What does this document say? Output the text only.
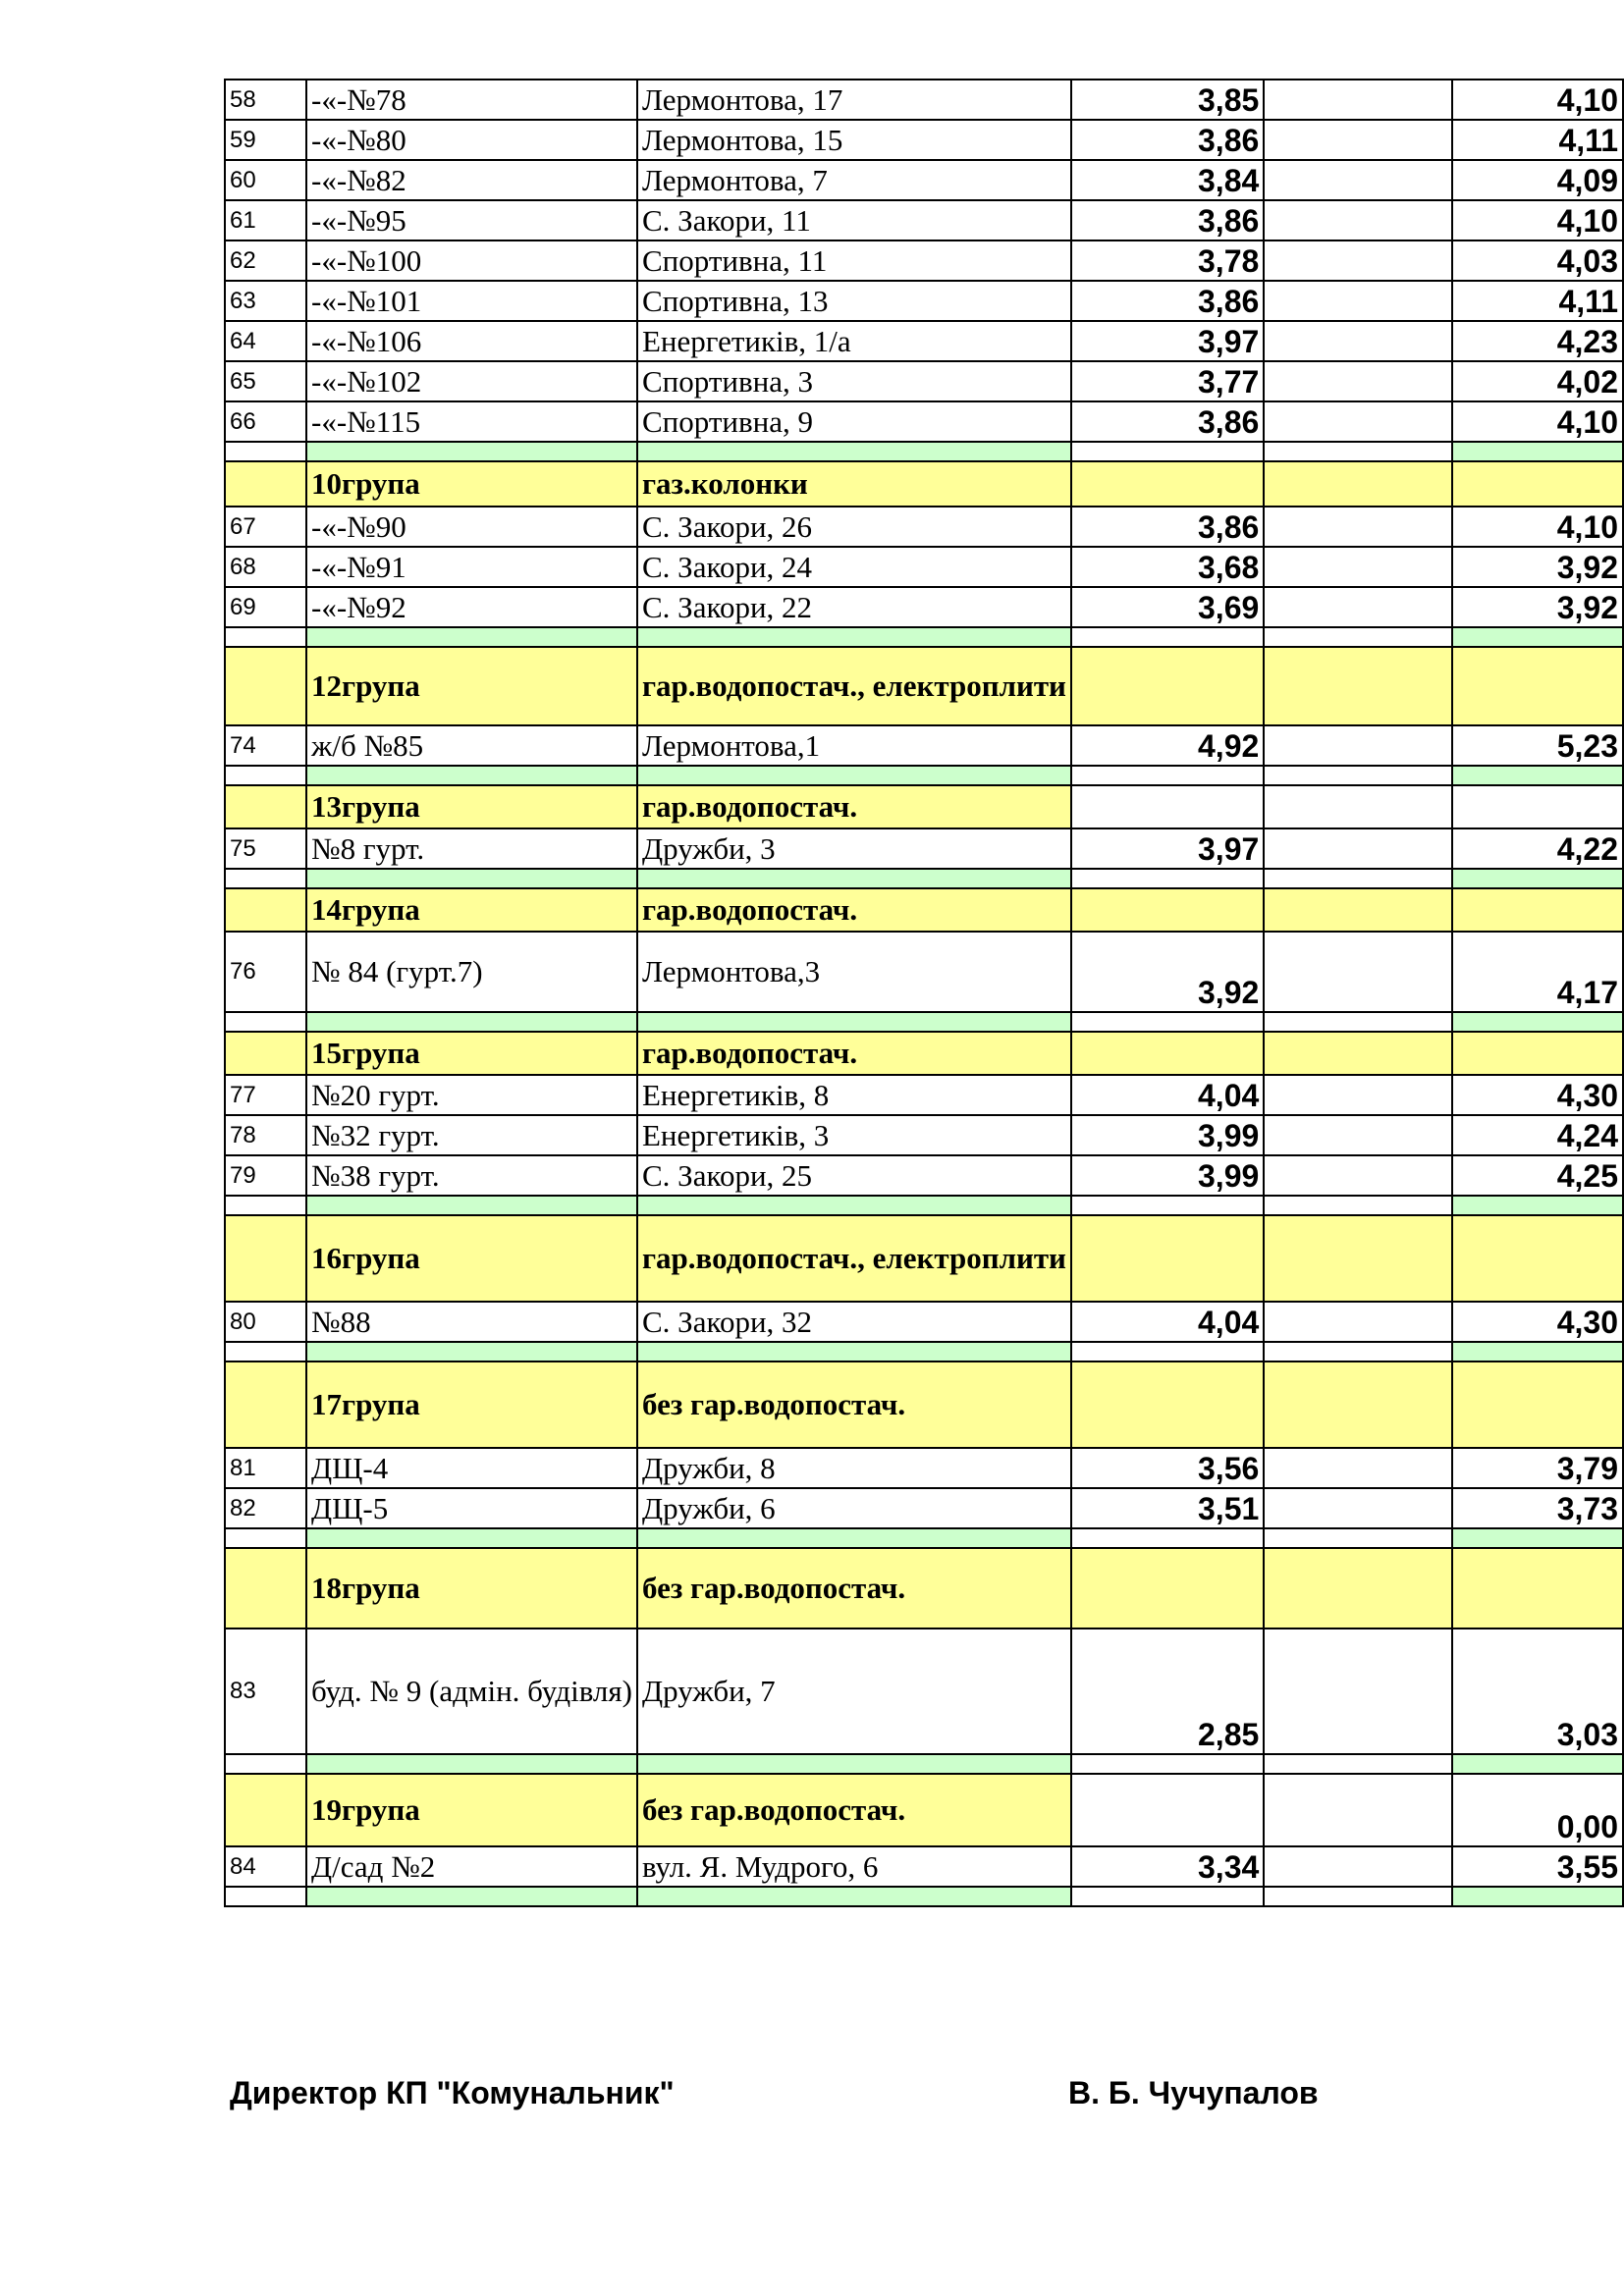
58	-«-№78	Лермонтова, 17	3,85		4,10
59	-«-№80	Лермонтова, 15	3,86		4,11
60	-«-№82	Лермонтова, 7	3,84		4,09
61	-«-№95	С. Закори, 11	3,86		4,10
62	-«-№100	Спортивна, 11	3,78		4,03
63	-«-№101	Спортивна, 13	3,86		4,11
64	-«-№106	Енергетиків, 1/а	3,97		4,23
65	-«-№102	Спортивна, 3	3,77		4,02
66	-«-№115	Спортивна, 9	3,86		4,10

	10група	газ.колонки			
67	-«-№90	С. Закори, 26	3,86		4,10
68	-«-№91	С. Закори, 24	3,68		3,92
69	-«-№92	С. Закори, 22	3,69		3,92

	12група	гар.водопостач., електроплити			
74	ж/б №85	Лермонтова,1	4,92		5,23

	13група	гар.водопостач.			
75	№8 гурт.	Дружби, 3	3,97		4,22

	14група	гар.водопостач.			
76	№ 84 (гурт.7)	Лермонтова,3	3,92		4,17

	15група	гар.водопостач.			
77	№20 гурт.	Енергетиків, 8	4,04		4,30
78	№32 гурт.	Енергетиків, 3	3,99		4,24
79	№38 гурт.	С. Закори, 25	3,99		4,25

	16група	гар.водопостач., електроплити			
80	№88	С. Закори, 32	4,04		4,30

	17група	без гар.водопостач.			
81	ДЩ-4	Дружби, 8	3,56		3,79
82	ДЩ-5	Дружби, 6	3,51		3,73

	18група	без гар.водопостач.			
83	буд. № 9 (адмін. будівля)	Дружби, 7	2,85		3,03

	19група	без гар.водопостач.			0,00
84	Д/сад №2	вул. Я. Мудрого, 6	3,34		3,55

Директор КП "Комунальник"	В. Б. Чучупалов
